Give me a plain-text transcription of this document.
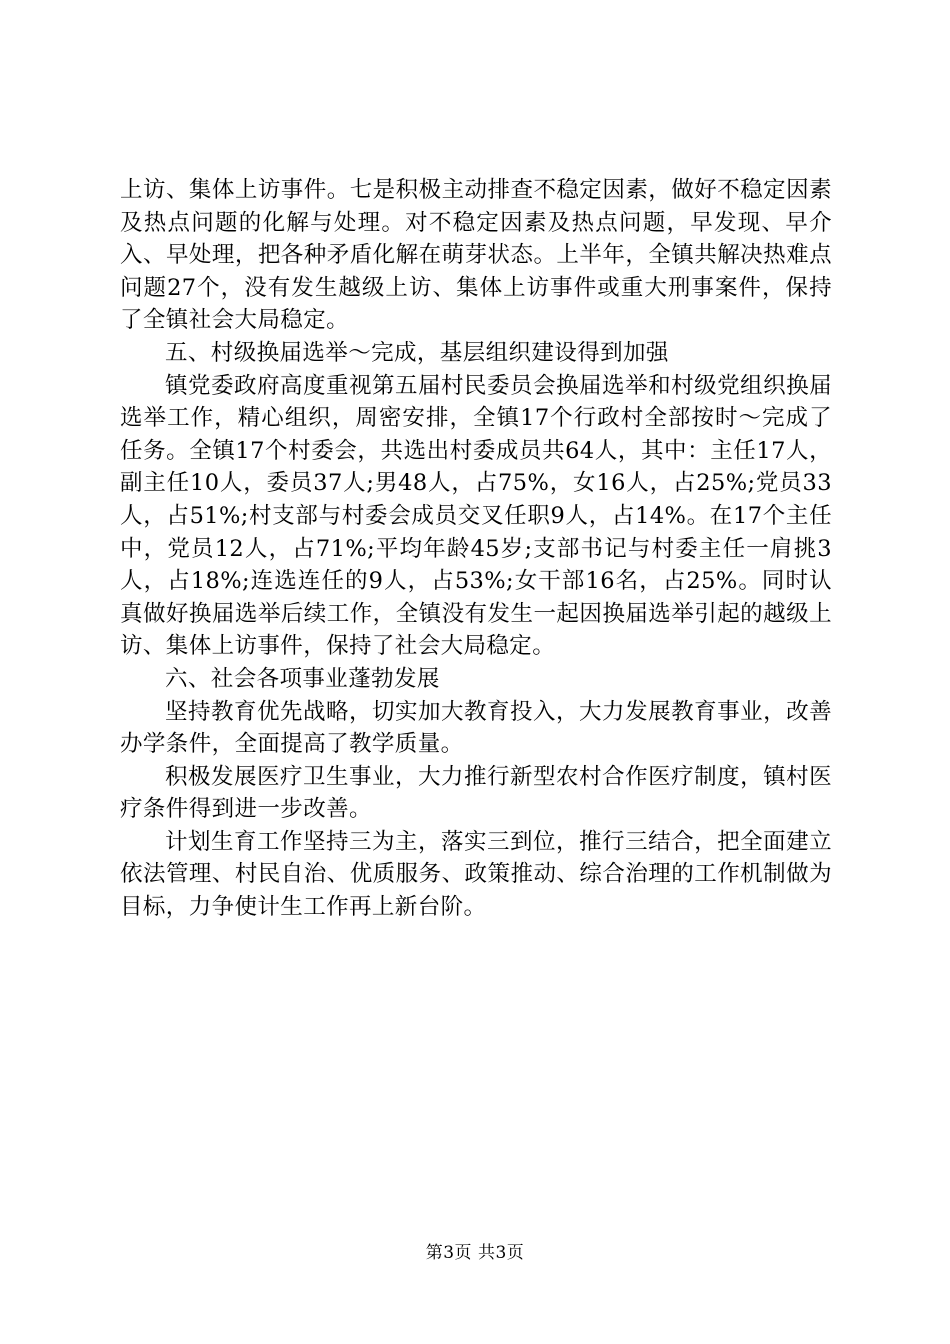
上访、集体上访事件。七是积极主动排查不稳定因素，做好不稳定因素及热点问题的化解与处理。对不稳定因素及热点问题，早发现、早介入、早处理，把各种矛盾化解在萌芽状态。上半年，全镇共解决热难点问题27个，没有发生越级上访、集体上访事件或重大刑事案件，保持了全镇社会大局稳定。

五、村级换届选举～完成，基层组织建设得到加强

镇党委政府高度重视第五届村民委员会换届选举和村级党组织换届选举工作，精心组织，周密安排，全镇17个行政村全部按时～完成了任务。全镇17个村委会，共选出村委成员共64人，其中：主任17人，副主任10人，委员37人;男48人，占75%，女16人，占25%;党员33人，占51%;村支部与村委会成员交叉任职9人，占14%。在17个主任中，党员12人，占71%;平均年龄45岁;支部书记与村委主任一肩挑3人，占18%;连选连任的9人，占53%;女干部16名，占25%。同时认真做好换届选举后续工作，全镇没有发生一起因换届选举引起的越级上访、集体上访事件，保持了社会大局稳定。

六、社会各项事业蓬勃发展

坚持教育优先战略，切实加大教育投入，大力发展教育事业，改善办学条件，全面提高了教学质量。

积极发展医疗卫生事业，大力推行新型农村合作医疗制度，镇村医疗条件得到进一步改善。

计划生育工作坚持三为主，落实三到位，推行三结合，把全面建立依法管理、村民自治、优质服务、政策推动、综合治理的工作机制做为目标，力争使计生工作再上新台阶。

第3页 共3页
